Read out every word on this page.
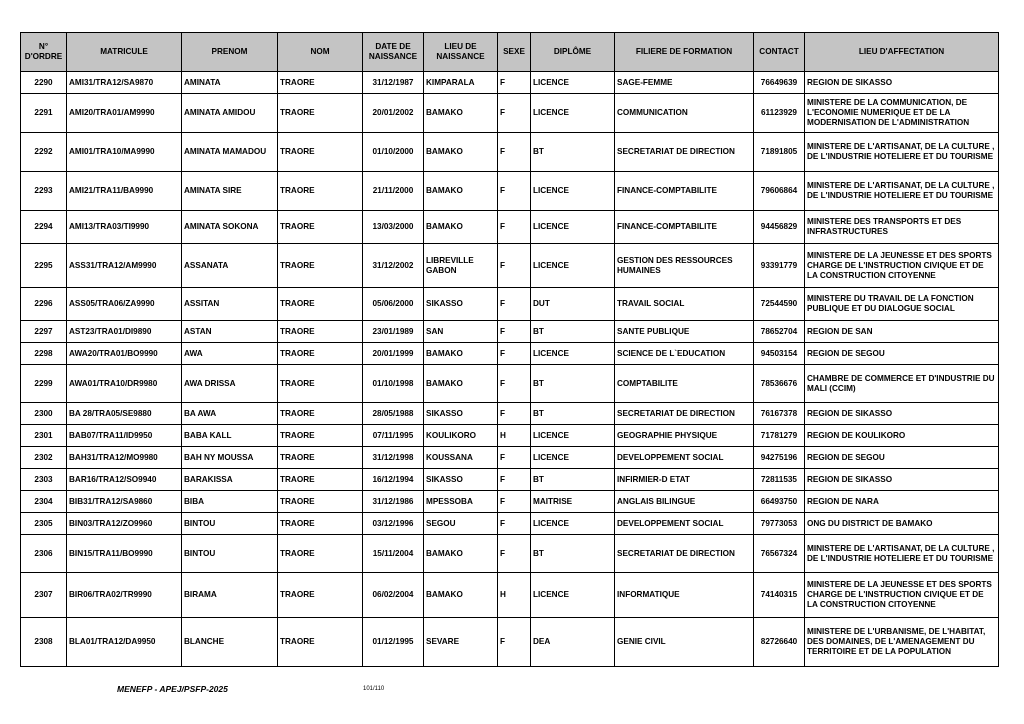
N° D'ORDRE	MATRICULE	PRENOM	NOM	DATE DE NAISSANCE	LIEU DE NAISSANCE	SEXE	DIPLÔME	FILIERE DE FORMATION	CONTACT	LIEU D'AFFECTATION
2290	AMI31/TRA12/SA9870	AMINATA	TRAORE	31/12/1987	KIMPARALA	F	LICENCE	SAGE-FEMME	76649639	REGION DE SIKASSO
2291	AMI20/TRA01/AM9990	AMINATA AMIDOU	TRAORE	20/01/2002	BAMAKO	F	LICENCE	COMMUNICATION	61123929	MINISTERE DE LA COMMUNICATION, DE L'ECONOMIE NUMERIQUE ET DE LA MODERNISATION DE L'ADMINISTRATION
2292	AMI01/TRA10/MA9990	AMINATA MAMADOU	TRAORE	01/10/2000	BAMAKO	F	BT	SECRETARIAT DE DIRECTION	71891805	MINISTERE DE L'ARTISANAT, DE LA CULTURE , DE L'INDUSTRIE HOTELIERE ET DU TOURISME
2293	AMI21/TRA11/BA9990	AMINATA SIRE	TRAORE	21/11/2000	BAMAKO	F	LICENCE	FINANCE-COMPTABILITE	79606864	MINISTERE DE L'ARTISANAT, DE LA CULTURE , DE L'INDUSTRIE HOTELIERE ET DU TOURISME
2294	AMI13/TRA03/TI9990	AMINATA SOKONA	TRAORE	13/03/2000	BAMAKO	F	LICENCE	FINANCE-COMPTABILITE	94456829	MINISTERE DES TRANSPORTS ET DES INFRASTRUCTURES
2295	ASS31/TRA12/AM9990	ASSANATA	TRAORE	31/12/2002	LIBREVILLE GABON	F	LICENCE	GESTION DES RESSOURCES HUMAINES	93391779	MINISTERE DE LA JEUNESSE ET DES SPORTS CHARGE DE L'INSTRUCTION CIVIQUE ET DE LA CONSTRUCTION CITOYENNE
2296	ASS05/TRA06/ZA9990	ASSITAN	TRAORE	05/06/2000	SIKASSO	F	DUT	TRAVAIL SOCIAL	72544590	MINISTERE DU TRAVAIL DE LA FONCTION PUBLIQUE ET DU DIALOGUE SOCIAL
2297	AST23/TRA01/DI9890	ASTAN	TRAORE	23/01/1989	SAN	F	BT	SANTE PUBLIQUE	78652704	REGION DE SAN
2298	AWA20/TRA01/BO9990	AWA	TRAORE	20/01/1999	BAMAKO	F	LICENCE	SCIENCE DE L`EDUCATION	94503154	REGION DE SEGOU
2299	AWA01/TRA10/DR9980	AWA DRISSA	TRAORE	01/10/1998	BAMAKO	F	BT	COMPTABILITE	78536676	CHAMBRE DE COMMERCE ET D'INDUSTRIE DU MALI (CCIM)
2300	BA 28/TRA05/SE9880	BA AWA	TRAORE	28/05/1988	SIKASSO	F	BT	SECRETARIAT DE DIRECTION	76167378	REGION DE SIKASSO
2301	BAB07/TRA11/ID9950	BABA KALL	TRAORE	07/11/1995	KOULIKORO	H	LICENCE	GEOGRAPHIE PHYSIQUE	71781279	REGION DE KOULIKORO
2302	BAH31/TRA12/MO9980	BAH NY MOUSSA	TRAORE	31/12/1998	KOUSSANA	F	LICENCE	DEVELOPPEMENT SOCIAL	94275196	REGION DE SEGOU
2303	BAR16/TRA12/SO9940	BARAKISSA	TRAORE	16/12/1994	SIKASSO	F	BT	INFIRMIER-D ETAT	72811535	REGION DE SIKASSO
2304	BIB31/TRA12/SA9860	BIBA	TRAORE	31/12/1986	MPESSOBA	F	MAITRISE	ANGLAIS BILINGUE	66493750	REGION DE NARA
2305	BIN03/TRA12/ZO9960	BINTOU	TRAORE	03/12/1996	SEGOU	F	LICENCE	DEVELOPPEMENT SOCIAL	79773053	ONG DU DISTRICT DE BAMAKO
2306	BIN15/TRA11/BO9990	BINTOU	TRAORE	15/11/2004	BAMAKO	F	BT	SECRETARIAT DE DIRECTION	76567324	MINISTERE DE L'ARTISANAT, DE LA CULTURE , DE L'INDUSTRIE HOTELIERE ET DU TOURISME
2307	BIR06/TRA02/TR9990	BIRAMA	TRAORE	06/02/2004	BAMAKO	H	LICENCE	INFORMATIQUE	74140315	MINISTERE DE LA JEUNESSE ET DES SPORTS CHARGE DE L'INSTRUCTION CIVIQUE ET DE LA CONSTRUCTION CITOYENNE
2308	BLA01/TRA12/DA9950	BLANCHE	TRAORE	01/12/1995	SEVARE	F	DEA	GENIE CIVIL	82726640	MINISTERE DE L'URBANISME, DE L'HABITAT, DES DOMAINES, DE L'AMENAGEMENT DU TERRITOIRE ET DE LA POPULATION
MENEFP - APEJ/PSFP-2025	101/110
